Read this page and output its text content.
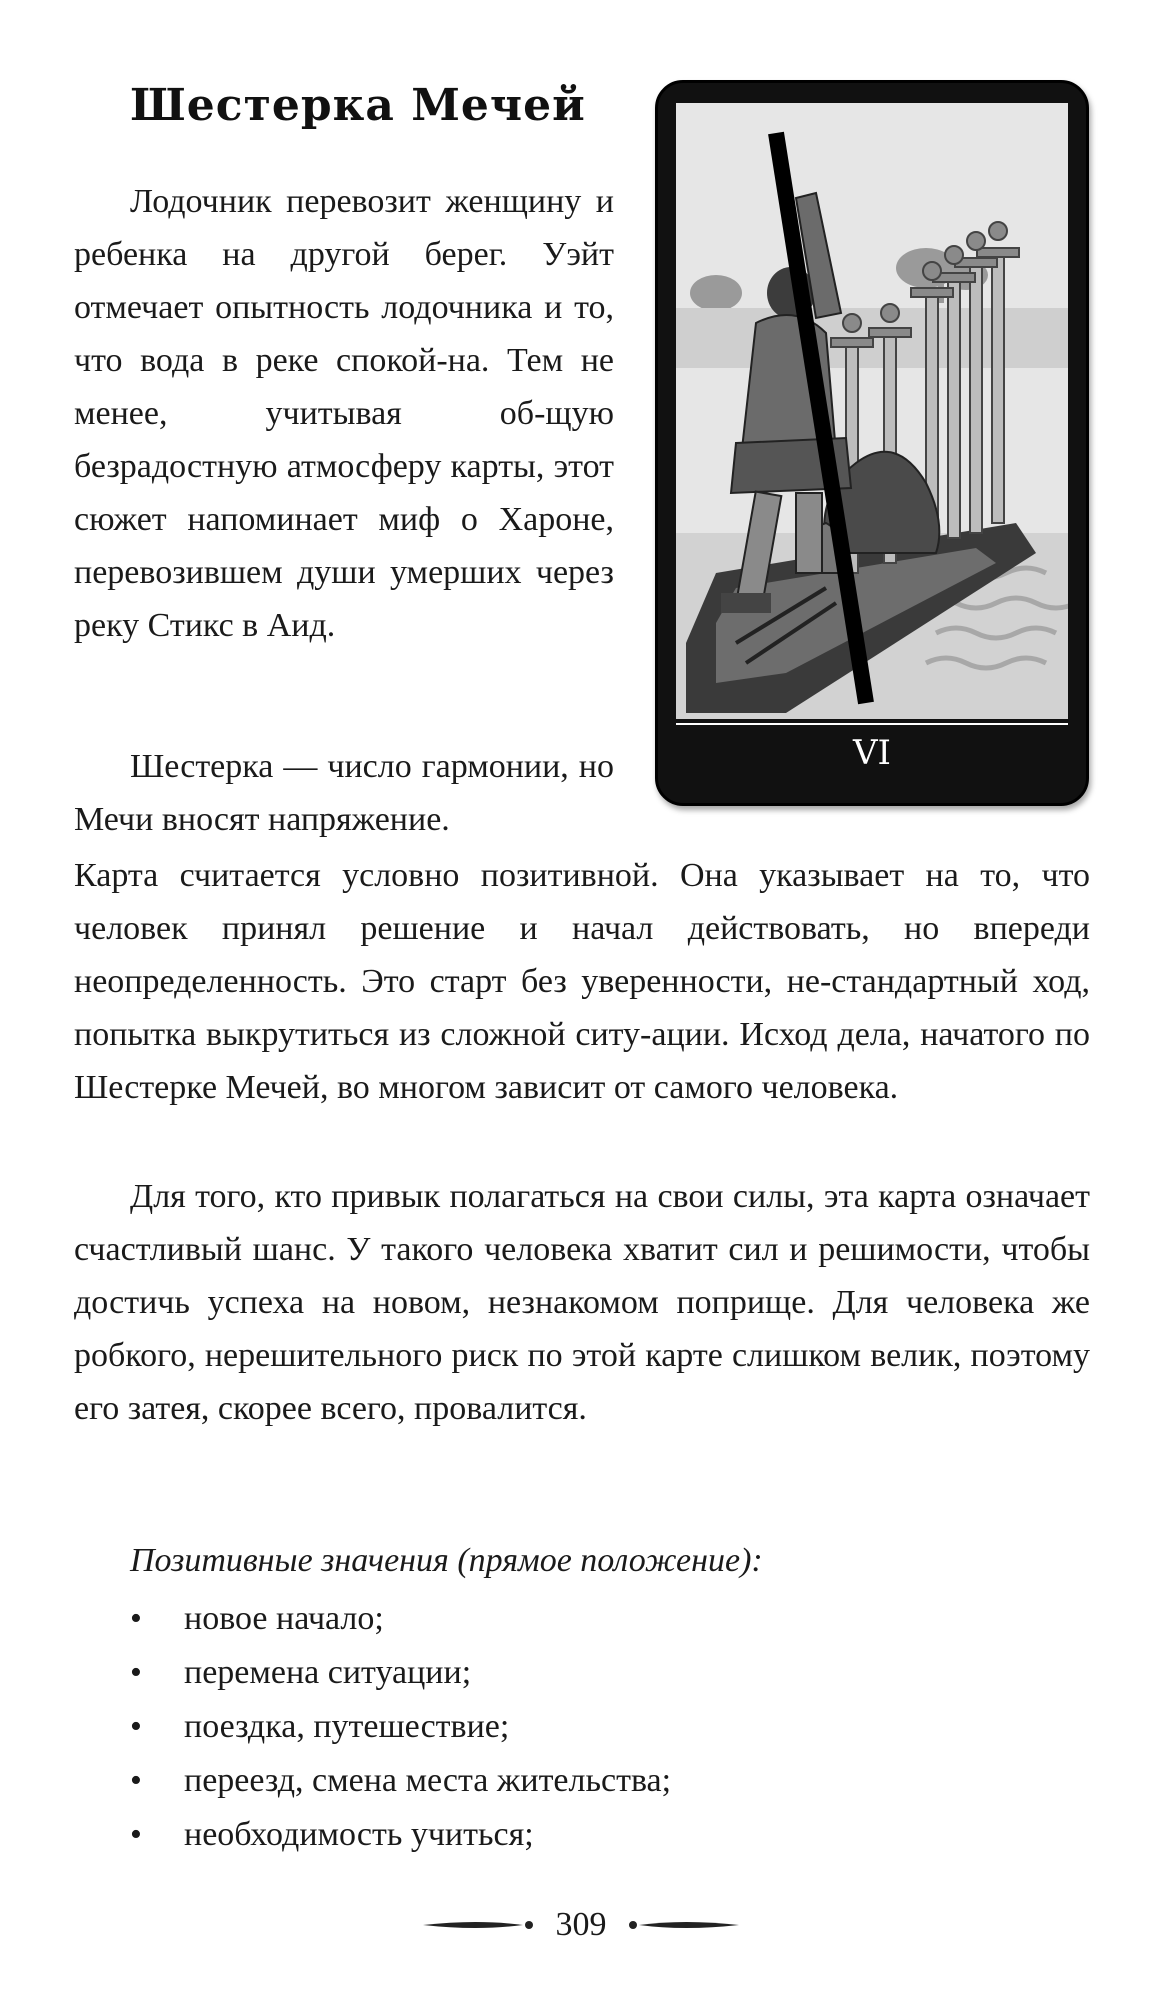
Шестерка Мечей

Лодочник перевозит женщину и ребенка на другой берег. Уэйт отмечает опытность лодочника и то, что вода в реке спокой-на. Тем не менее, учитывая об-щую безрадостную атмосферу карты, этот сюжет напоминает миф о Хароне, перевозившем души умерших через реку Стикс в Аид.

Шестерка — число гармонии, но Мечи вносят напряжение.

Карта считается условно позитивной. Она указывает на то, что человек принял решение и начал действовать, но впереди неопределенность. Это старт без уверенности, не-стандартный ход, попытка выкрутиться из сложной ситу-ации. Исход дела, начатого по Шестерке Мечей, во многом зависит от самого человека.

Для того, кто привык полагаться на свои силы, эта карта означает счастливый шанс. У такого человека хватит сил и решимости, чтобы достичь успеха на новом, незнакомом поприще. Для человека же робкого, нерешительного риск по этой карте слишком велик, поэтому его затея, скорее всего, провалится.

VI
Позитивные значения (прямое положение):
• новое начало;
• перемена ситуации;
• поездка, путешествие;
• переезд, смена места жительства;
• необходимость учиться;
309
